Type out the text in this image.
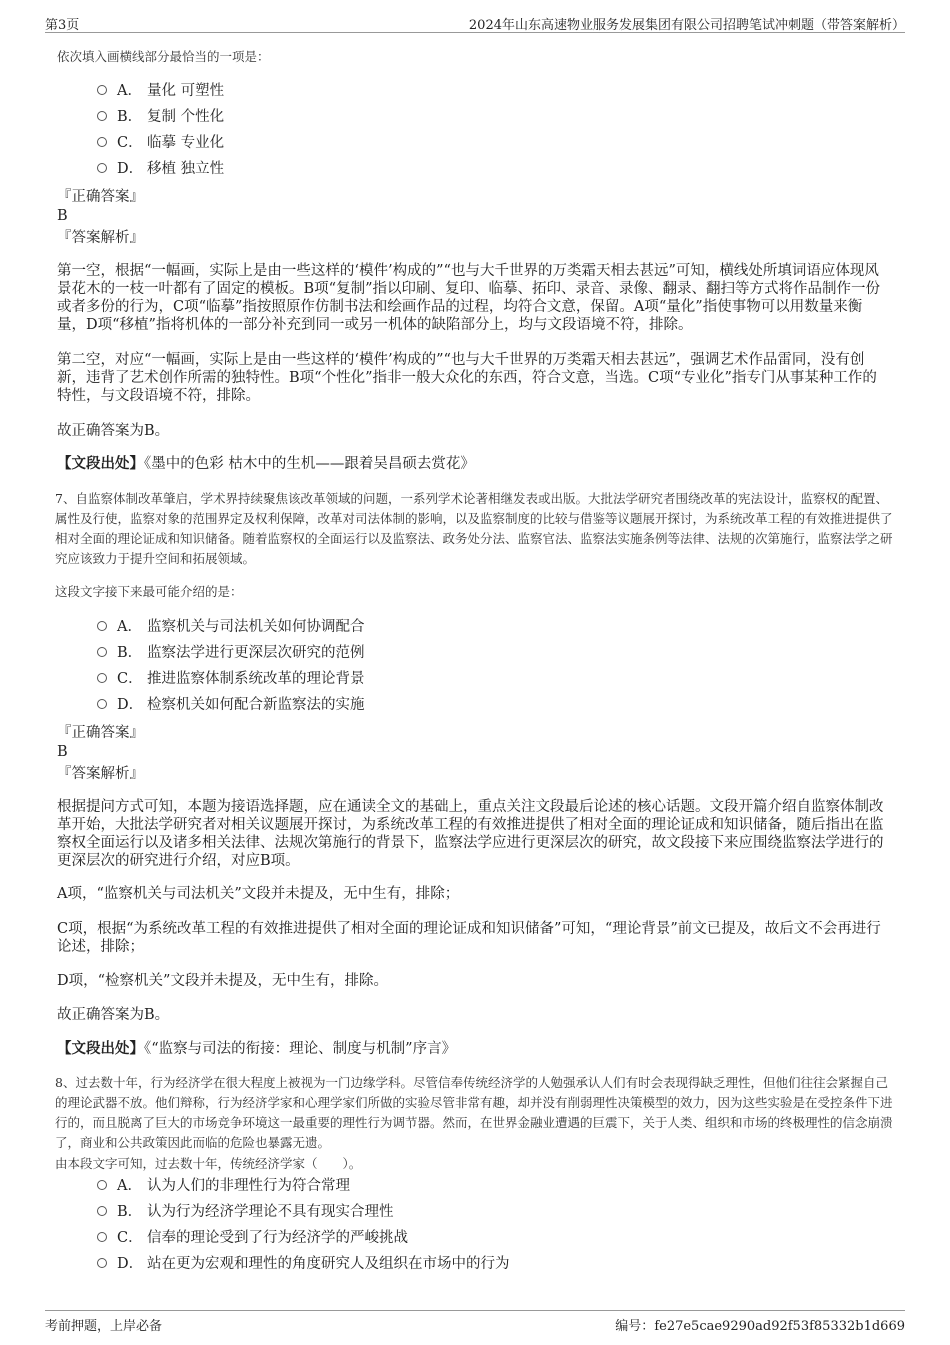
第3页	2024年山东高速物业服务发展集团有限公司招聘笔试冲刺题（带答案解析）
依次填入画横线部分最恰当的一项是：
A． 量化 可塑性
B． 复制 个性化
C． 临摹 专业化
D． 移植 独立性
『正确答案』
B
『答案解析』
第一空，根据“一幅画，实际上是由一些这样的‘模件’构成的”“也与大千世界的万类霜天相去甚远”可知，横线处所填词语应体现风景花木的一枝一叶都有了固定的模板。B项“复制”指以印刷、复印、临摹、拓印、录音、录像、翻录、翻扫等方式将作品制作一份或者多份的行为，C项“临摹”指按照原作仿制书法和绘画作品的过程，均符合文意，保留。A项“量化”指使事物可以用数量来衡量，D项“移植”指将机体的一部分补充到同一或另一机体的缺陷部分上，均与文段语境不符，排除。
第二空，对应“一幅画，实际上是由一些这样的‘模件’构成的”“也与大千世界的万类霜天相去甚远”，强调艺术作品雷同，没有创新，违背了艺术创作所需的独特性。B项“个性化”指非一般大众化的东西，符合文意，当选。C项“专业化”指专门从事某种工作的特性，与文段语境不符，排除。
故正确答案为B。
【文段出处】《墨中的色彩 枯木中的生机——跟着吴昌硕去赏花》
7、自监察体制改革肇启，学术界持续聚焦该改革领域的问题，一系列学术论著相继发表或出版。大批法学研究者围绕改革的宪法设计，监察权的配置、属性及行使，监察对象的范围界定及权利保障，改革对司法体制的影响，以及监察制度的比较与借鉴等议题展开探讨，为系统改革工程的有效推进提供了相对全面的理论证成和知识储备。随着监察权的全面运行以及监察法、政务处分法、监察官法、监察法实施条例等法律、法规的次第施行，监察法学之研究应该致力于提升空间和拓展领域。
这段文字接下来最可能介绍的是：
A． 监察机关与司法机关如何协调配合
B． 监察法学进行更深层次研究的范例
C． 推进监察体制系统改革的理论背景
D． 检察机关如何配合新监察法的实施
『正确答案』
B
『答案解析』
根据提问方式可知，本题为接语选择题，应在通读全文的基础上，重点关注文段最后论述的核心话题。文段开篇介绍自监察体制改革开始，大批法学研究者对相关议题展开探讨，为系统改革工程的有效推进提供了相对全面的理论证成和知识储备，随后指出在监察权全面运行以及诸多相关法律、法规次第施行的背景下，监察法学应进行更深层次的研究，故文段接下来应围绕监察法学进行的更深层次的研究进行介绍，对应B项。
A项，“监察机关与司法机关”文段并未提及，无中生有，排除；
C项，根据“为系统改革工程的有效推进提供了相对全面的理论证成和知识储备”可知，“理论背景”前文已提及，故后文不会再进行论述，排除；
D项，“检察机关”文段并未提及，无中生有，排除。
故正确答案为B。
【文段出处】《“监察与司法的衔接：理论、制度与机制”序言》
8、过去数十年，行为经济学在很大程度上被视为一门边缘学科。尽管信奉传统经济学的人勉强承认人们有时会表现得缺乏理性，但他们往往会紧握自己的理论武器不放。他们辩称，行为经济学家和心理学家们所做的实验尽管非常有趣，却并没有削弱理性决策模型的效力，因为这些实验是在受控条件下进行的，而且脱离了巨大的市场竞争环境这一最重要的理性行为调节器。然而，在世界金融业遭遇的巨震下，关于人类、组织和市场的终极理性的信念崩溃了，商业和公共政策因此而临的危险也暴露无遗。
由本段文字可知，过去数十年，传统经济学家（　　）。
A． 认为人们的非理性行为符合常理
B． 认为行为经济学理论不具有现实合理性
C． 信奉的理论受到了行为经济学的严峻挑战
D． 站在更为宏观和理性的角度研究人及组织在市场中的行为
考前押题，上岸必备	编号：fe27e5cae9290ad92f53f85332b1d669
